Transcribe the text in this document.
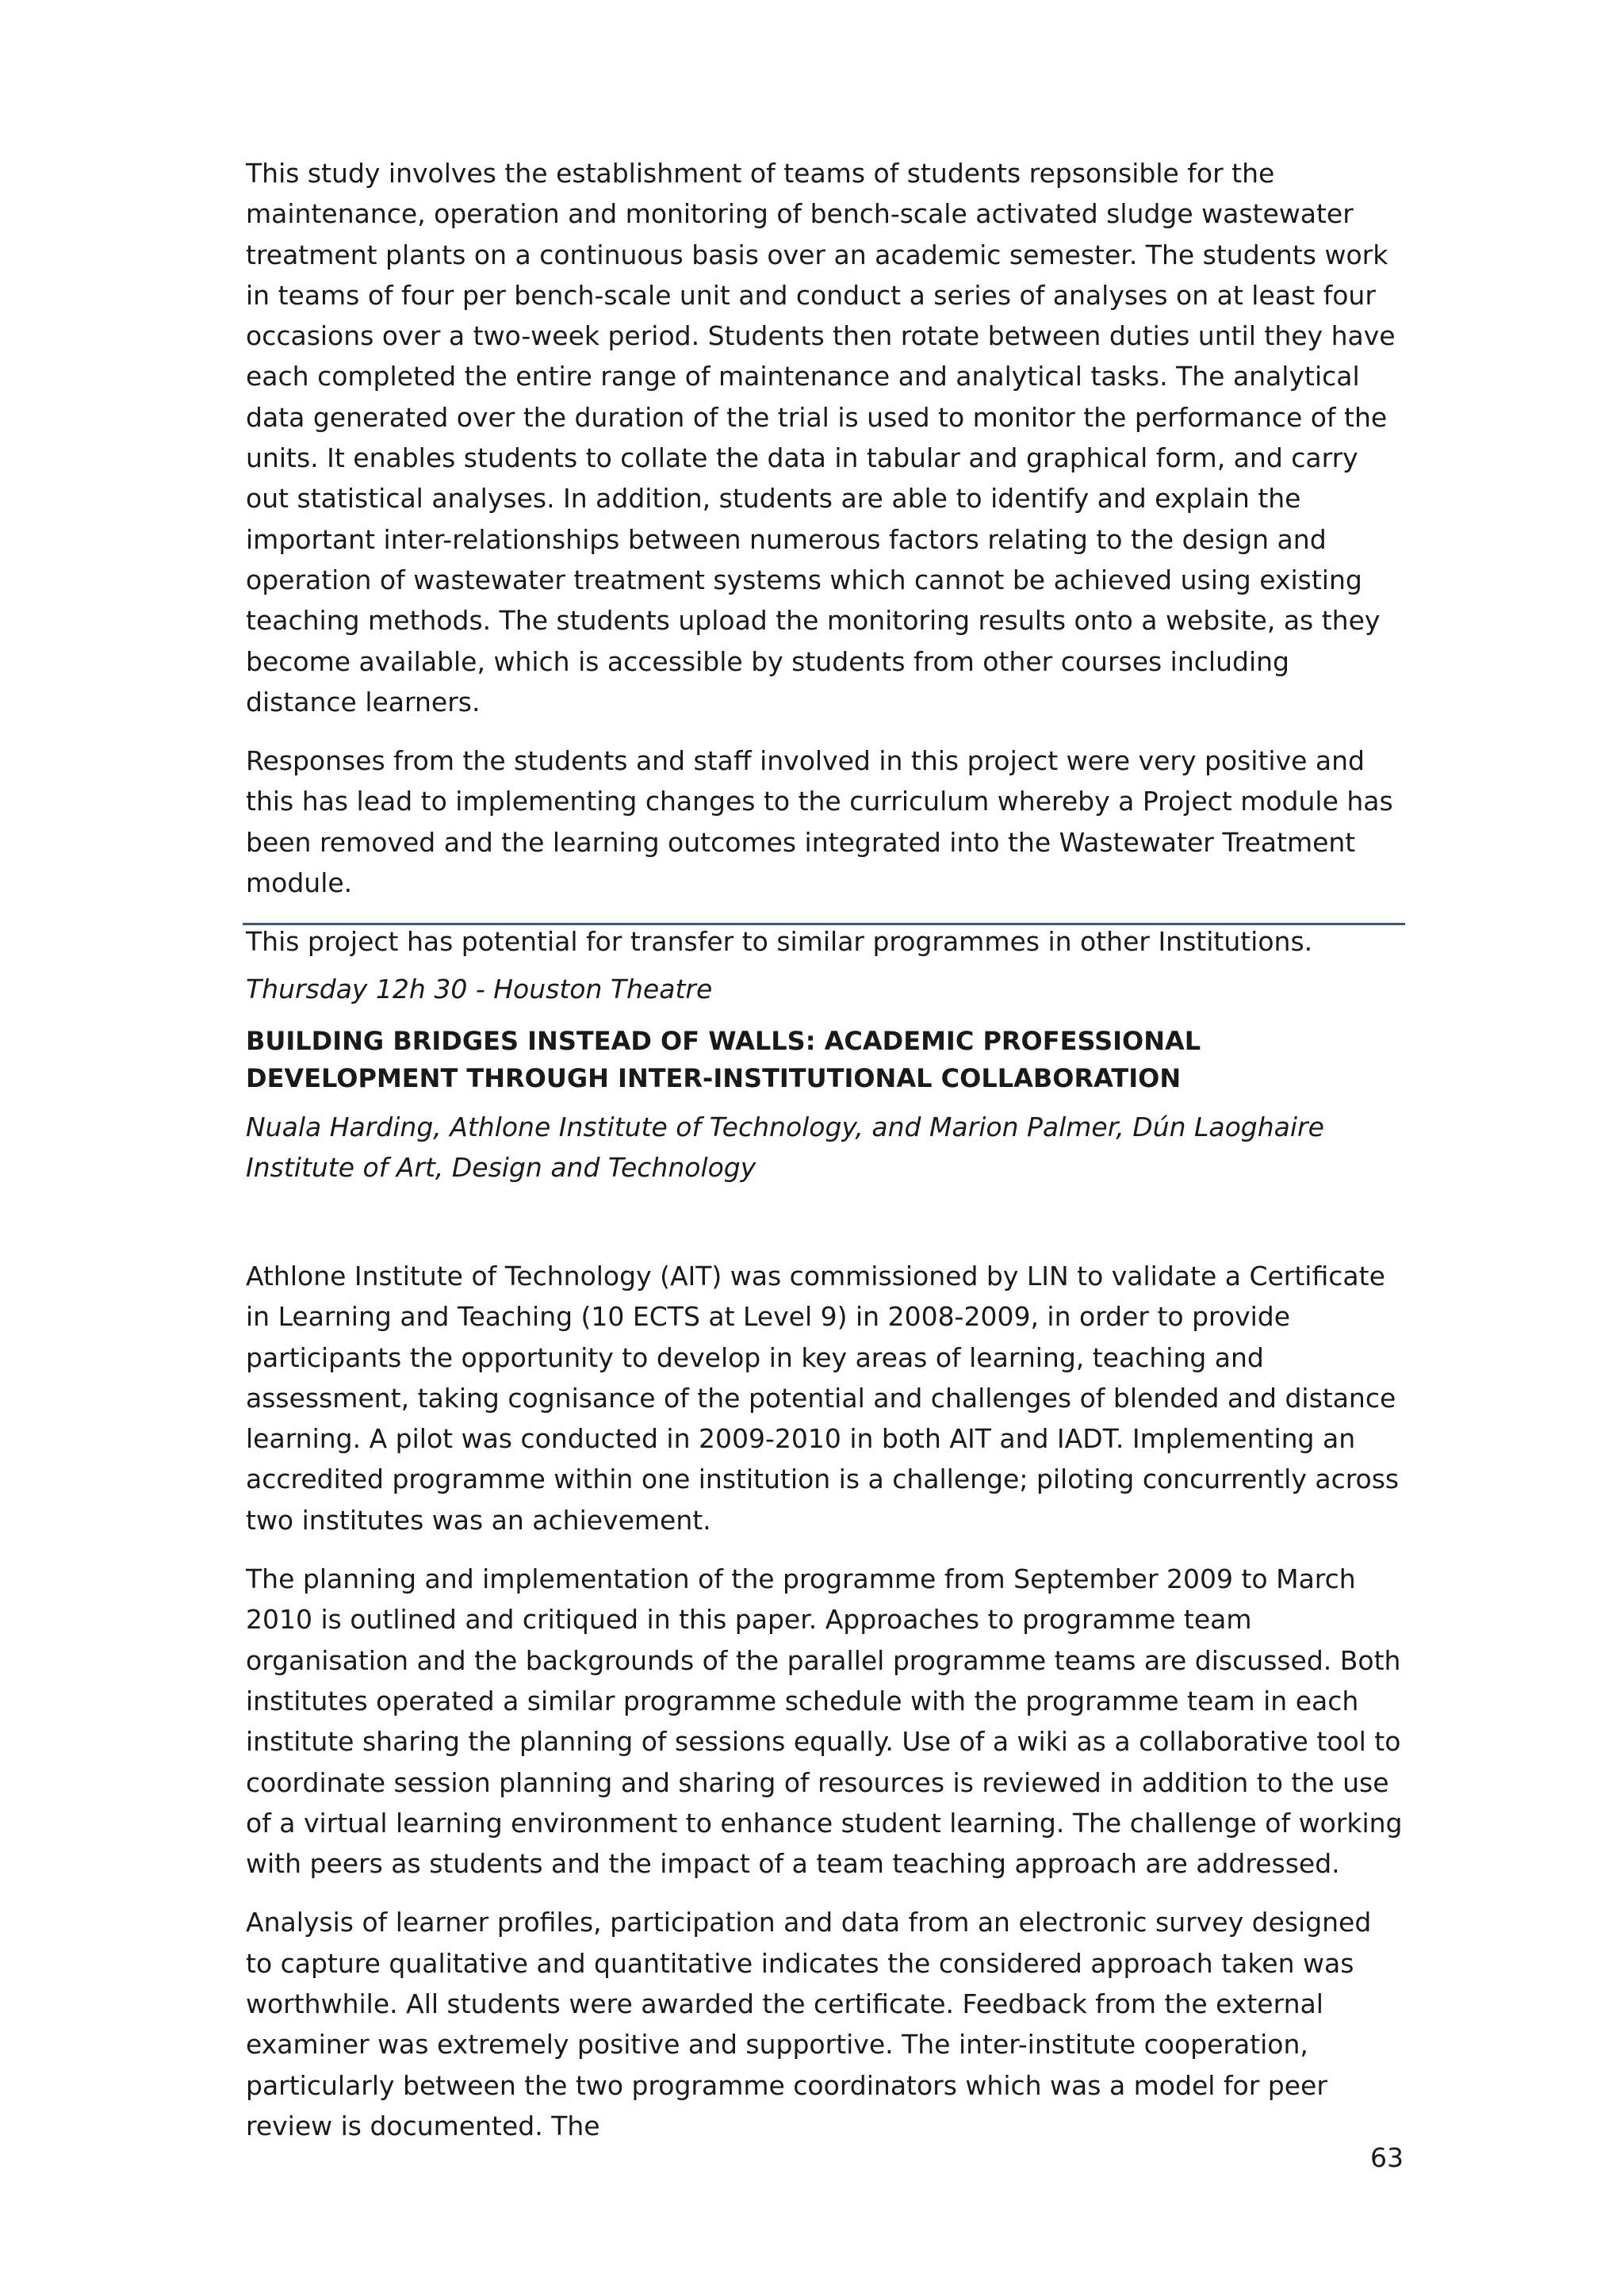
This study involves the establishment of teams of students repsonsible for the maintenance, operation and monitoring of bench-scale activated sludge wastewater treatment plants on a continuous basis over an academic semester. The students work in teams of four per bench-scale unit and conduct a series of analyses on at least four occasions over a two-week period. Students then rotate between duties until they have each completed the entire range of maintenance and analytical tasks. The analytical data generated over the duration of the trial is used to monitor the performance of the units. It enables students to collate the data in tabular and graphical form, and carry out statistical analyses. In addition, students are able to identify and explain the important inter-relationships between numerous factors relating to the design and operation of wastewater treatment systems which cannot be achieved using existing teaching methods. The students upload the monitoring results onto a website, as they become available, which is accessible by students from other courses including distance learners.

Responses from the students and staff involved in this project were very positive and this has lead to implementing changes to the curriculum whereby a Project module has been removed and the learning outcomes integrated into the Wastewater Treatment module.

This project has potential for transfer to similar programmes in other Institutions.

Thursday 12h 30 - Houston Theatre

BUILDING BRIDGES INSTEAD OF WALLS: ACADEMIC PROFESSIONAL DEVELOPMENT THROUGH INTER-INSTITUTIONAL COLLABORATION

Nuala Harding, Athlone Institute of Technology, and Marion Palmer, Dún Laoghaire Institute of Art, Design and Technology

Athlone Institute of Technology (AIT) was commissioned by LIN to validate a Certificate in Learning and Teaching (10 ECTS at Level 9) in 2008-2009, in order to provide participants the opportunity to develop in key areas of learning, teaching and assessment, taking cognisance of the potential and challenges of blended and distance learning. A pilot was conducted in 2009-2010 in both AIT and IADT. Implementing an accredited programme within one institution is a challenge; piloting concurrently across two institutes was an achievement.

The planning and implementation of the programme from September 2009 to March 2010 is outlined and critiqued in this paper. Approaches to programme team organisation and the backgrounds of the parallel programme teams are discussed. Both institutes operated a similar programme schedule with the programme team in each institute sharing the planning of sessions equally. Use of a wiki as a collaborative tool to coordinate session planning and sharing of resources is reviewed in addition to the use of a virtual learning environment to enhance student learning. The challenge of working with peers as students and the impact of a team teaching approach are addressed.

Analysis of learner profiles, participation and data from an electronic survey designed to capture qualitative and quantitative indicates the considered approach taken was worthwhile. All students were awarded the certificate. Feedback from the external examiner was extremely positive and supportive. The inter-institute cooperation, particularly between the two programme coordinators which was a model for peer review is documented. The

63
